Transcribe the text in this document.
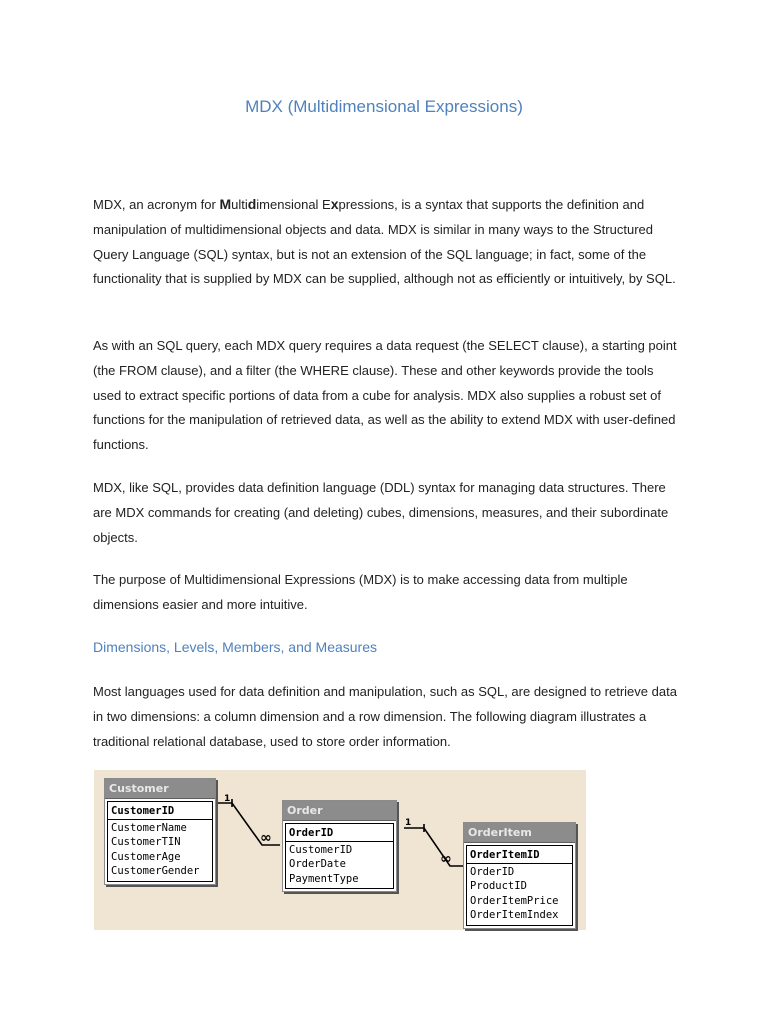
MDX (Multidimensional Expressions)

MDX, an acronym for Multidimensional Expressions, is a syntax that supports the definition and manipulation of multidimensional objects and data. MDX is similar in many ways to the Structured Query Language (SQL) syntax, but is not an extension of the SQL language; in fact, some of the functionality that is supplied by MDX can be supplied, although not as efficiently or intuitively, by SQL.

As with an SQL query, each MDX query requires a data request (the SELECT clause), a starting point (the FROM clause), and a filter (the WHERE clause). These and other keywords provide the tools used to extract specific portions of data from a cube for analysis. MDX also supplies a robust set of functions for the manipulation of retrieved data, as well as the ability to extend MDX with user-defined functions.

MDX, like SQL, provides data definition language (DDL) syntax for managing data structures. There are MDX commands for creating (and deleting) cubes, dimensions, measures, and their subordinate objects.

The purpose of Multidimensional Expressions (MDX) is to make accessing data from multiple dimensions easier and more intuitive.

Dimensions, Levels, Members, and Measures

Most languages used for data definition and manipulation, such as SQL, are designed to retrieve data in two dimensions: a column dimension and a row dimension. The following diagram illustrates a traditional relational database, used to store order information.

1
∞
1
∞
Customer
CustomerID
CustomerName
CustomerTIN
CustomerAge
CustomerGender
Order
OrderID
CustomerID
OrderDate
PaymentType
OrderItem
OrderItemID
OrderID
ProductID
OrderItemPrice
OrderItemIndex
